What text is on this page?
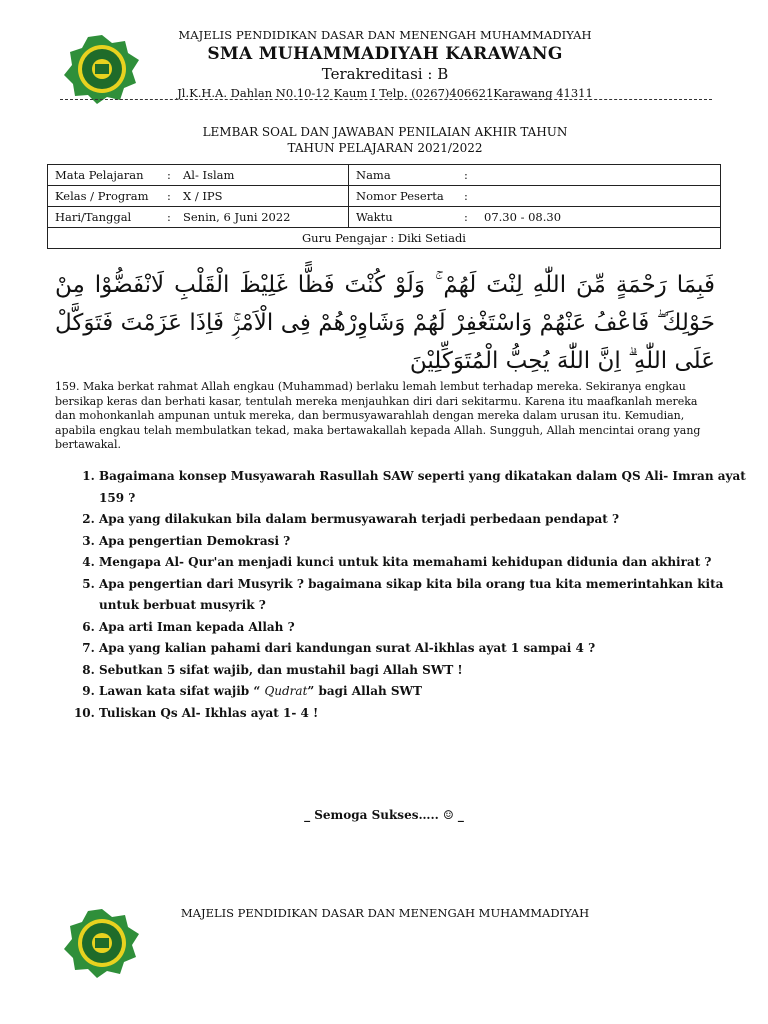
MAJELIS PENDIDIKAN DASAR DAN MENENGAH MUHAMMADIYAH
SMA MUHAMMADIYAH KARAWANG
Terakreditasi : B
Jl.K.H.A. Dahlan N0.10-12 Kaum I Telp. (0267)406621Karawang 41311
LEMBAR SOAL DAN JAWABAN PENILAIAN AKHIR TAHUN
TAHUN PELAJARAN 2021/2022
Mata Pelajaran : Al- Islam	Nama :
Kelas / Program : X / IPS	Nomor Peserta :
Hari/Tanggal : Senin, 6 Juni 2022	Waktu : 07.30 - 08.30
Guru Pengajar : Diki Setiadi	
فَبِمَا رَحْمَةٍ مِّنَ اللّٰهِ لِنْتَ لَهُمْ ۚ وَلَوْ كُنْتَ فَظًّا غَلِيْظَ الْقَلْبِ لَانْفَضُّوْا مِنْ حَوْلِكَ ۖ فَاعْفُ عَنْهُمْ وَاسْتَغْفِرْ لَهُمْ وَشَاوِرْهُمْ فِى الْاَمْرِۚ فَاِذَا عَزَمْتَ فَتَوَكَّلْ عَلَى اللّٰهِ ۗ اِنَّ اللّٰهَ يُحِبُّ الْمُتَوَكِّلِيْنَ
159. Maka berkat rahmat Allah engkau (Muhammad) berlaku lemah lembut terhadap mereka. Sekiranya engkau bersikap keras dan berhati kasar, tentulah mereka menjauhkan diri dari sekitarmu. Karena itu maafkanlah mereka dan mohonkanlah ampunan untuk mereka, dan bermusyawarahlah dengan mereka dalam urusan itu. Kemudian, apabila engkau telah membulatkan tekad, maka bertawakallah kepada Allah. Sungguh, Allah mencintai orang yang bertawakal.
1. Bagaimana konsep Musyawarah Rasullah SAW seperti yang dikatakan dalam QS Ali- Imran ayat 159 ?
2. Apa yang dilakukan bila dalam bermusyawarah terjadi perbedaan pendapat ?
3. Apa pengertian Demokrasi ?
4. Mengapa Al- Qur'an menjadi kunci untuk kita memahami kehidupan didunia dan akhirat ?
5. Apa pengertian dari Musyrik ? bagaimana sikap kita bila orang tua kita memerintahkan kita untuk berbuat musyrik ?
6. Apa arti Iman kepada Allah ?
7. Apa yang kalian pahami dari kandungan surat Al-ikhlas ayat 1 sampai 4 ?
8. Sebutkan 5 sifat wajib, dan mustahil bagi Allah SWT !
9. Lawan kata sifat wajib “ Qudrat” bagi Allah SWT
10. Tuliskan Qs Al- Ikhlas ayat 1- 4 !
_ Semoga Sukses….. ☺ _
MAJELIS PENDIDIKAN DASAR DAN MENENGAH MUHAMMADIYAH
